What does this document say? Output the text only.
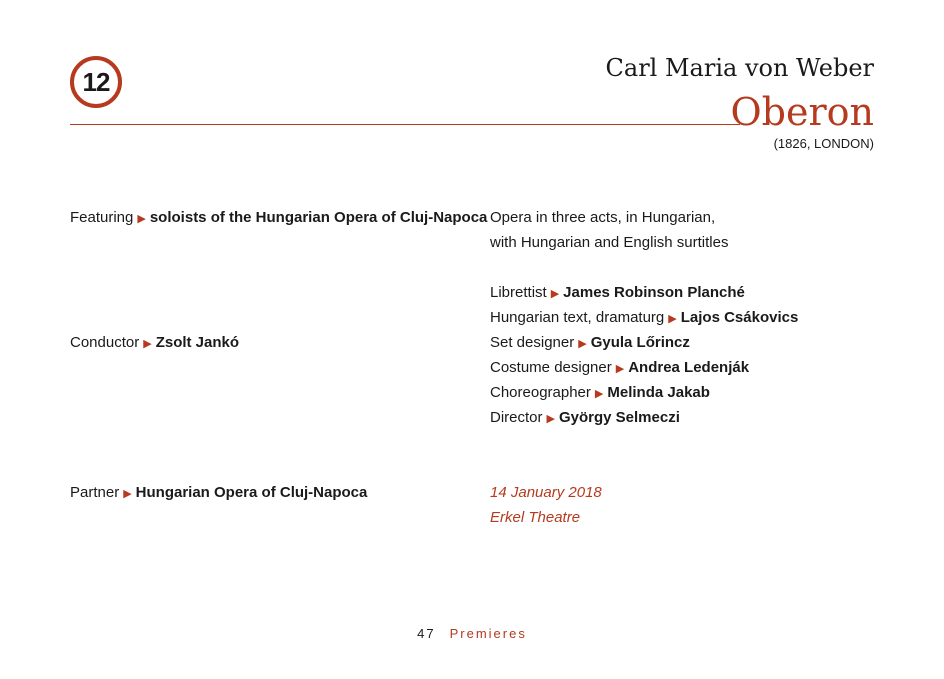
12	Carl Maria von Weber
Oberon
(1826, LONDON)
Featuring ▶ soloists of the Hungarian Opera of Cluj-Napoca
Conductor ▶ Zsolt Jankó
Partner ▶ Hungarian Opera of Cluj-Napoca
Opera in three acts, in Hungarian,
with Hungarian and English surtitles
Librettist ▶ James Robinson Planché
Hungarian text, dramaturg ▶ Lajos Csákovics
Set designer ▶ Gyula Lőrincz
Costume designer ▶ Andrea Ledenják
Choreographer ▶ Melinda Jakab
Director ▶ György Selmeczi
14 January 2018
Erkel Theatre
47 Premieres
